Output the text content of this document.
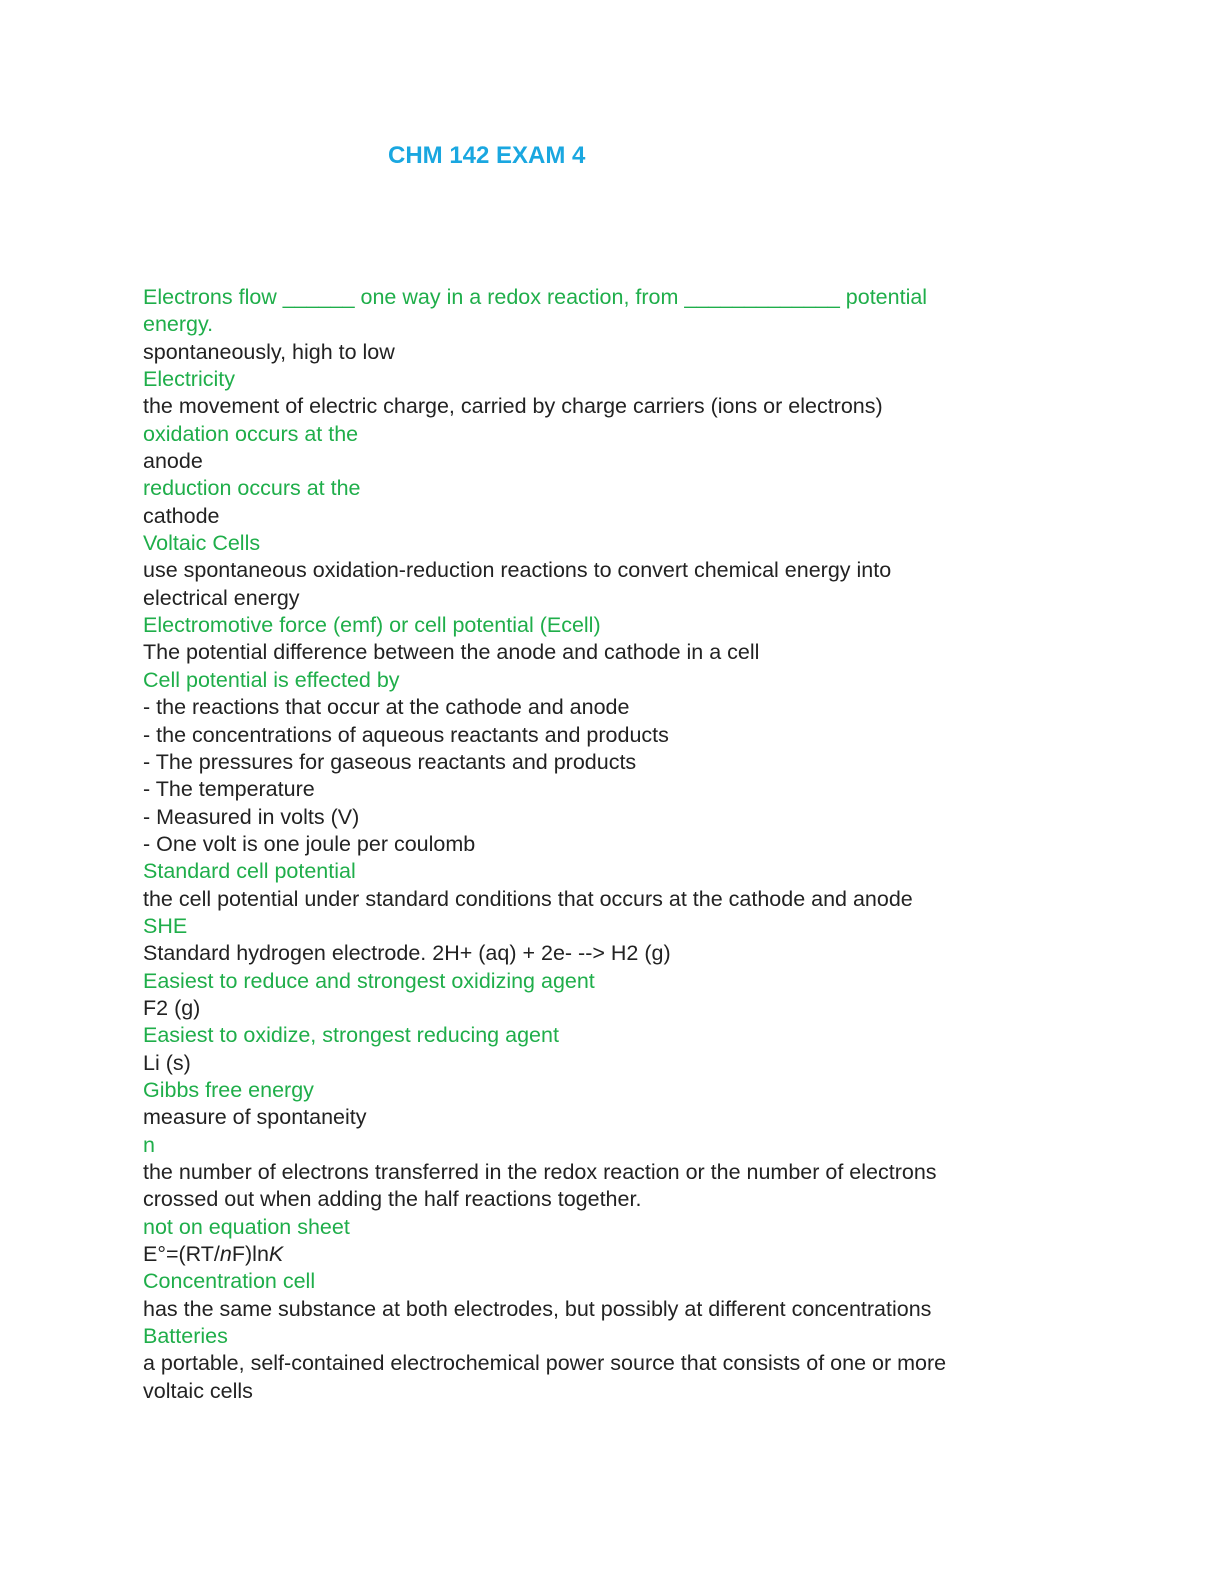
CHM 142 EXAM 4
Electrons flow ______ one way in a redox reaction, from _____________ potential
energy.
spontaneously, high to low
Electricity
the movement of electric charge, carried by charge carriers (ions or electrons)
oxidation occurs at the
anode
reduction occurs at the
cathode
Voltaic Cells
use spontaneous oxidation-reduction reactions to convert chemical energy into
electrical energy
Electromotive force (emf) or cell potential (Ecell)
The potential difference between the anode and cathode in a cell
Cell potential is effected by
- the reactions that occur at the cathode and anode
- the concentrations of aqueous reactants and products
- The pressures for gaseous reactants and products
- The temperature
- Measured in volts (V)
- One volt is one joule per coulomb
Standard cell potential
the cell potential under standard conditions that occurs at the cathode and anode
SHE
Standard hydrogen electrode. 2H+ (aq) + 2e- --> H2 (g)
Easiest to reduce and strongest oxidizing agent
F2 (g)
Easiest to oxidize, strongest reducing agent
Li (s)
Gibbs free energy
measure of spontaneity
n
the number of electrons transferred in the redox reaction or the number of electrons
crossed out when adding the half reactions together.
not on equation sheet
E°=(RT/nF)lnK
Concentration cell
has the same substance at both electrodes, but possibly at different concentrations
Batteries
a portable, self-contained electrochemical power source that consists of one or more
voltaic cells
